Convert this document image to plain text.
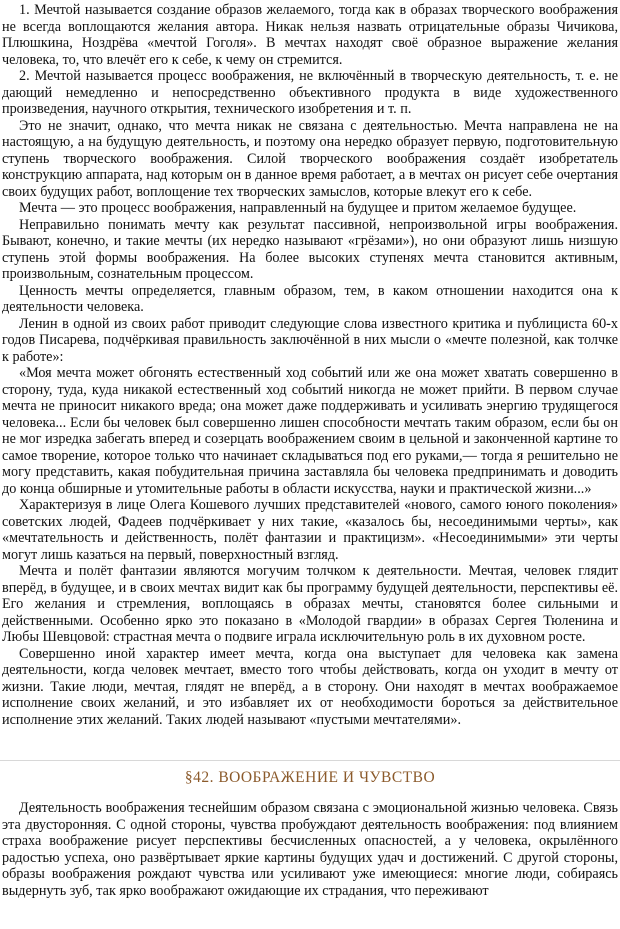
1. Мечтой называется создание образов желаемого, тогда как в образах творческого воображения не всегда воплощаются желания автора. Никак нельзя назвать отрицательные образы Чичикова, Плюшкина, Ноздрёва «мечтой Гоголя». В мечтах находят своё образное выражение желания человека, то, что влечёт его к себе, к чему он стремится.

2. Мечтой называется процесс воображения, не включённый в творческую деятельность, т. е. не дающий немедленно и непосредственно объективного продукта в виде художественного произведения, научного открытия, технического изобретения и т. п.

Это не значит, однако, что мечта никак не связана с деятельностью. Мечта направлена не на настоящую, а на будущую деятельность, и поэтому она нередко образует первую, подготовительную ступень творческого воображения. Силой творческого воображения создаёт изобретатель конструкцию аппарата, над которым он в данное время работает, а в мечтах он рисует себе очертания своих будущих работ, воплощение тех творческих замыслов, которые влекут его к себе.

Мечта — это процесс воображения, направленный на будущее и притом желаемое будущее.

Неправильно понимать мечту как результат пассивной, непроизвольной игры воображения. Бывают, конечно, и такие мечты (их нередко называют «грёзами»), но они образуют лишь низшую ступень этой формы воображения. На более высоких ступенях мечта становится активным, произвольным, сознательным процессом.

Ценность мечты определяется, главным образом, тем, в каком отношении находится она к деятельности человека.

Ленин в одной из своих работ приводит следующие слова известного критика и публициста 60-х годов Писарева, подчёркивая правильность заключённой в них мысли о «мечте полезной, как толчке к работе»:

«Моя мечта может обгонять естественный ход событий или же она может хватать совершенно в сторону, туда, куда никакой естественный ход событий никогда не может прийти. В первом случае мечта не приносит никакого вреда; она может даже поддерживать и усиливать энергию трудящегося человека... Если бы человек был совершенно лишен способности мечтать таким образом, если бы он не мог изредка забегать вперед и созерцать воображением своим в цельной и законченной картине то самое творение, которое только что начинает складываться под его руками,— тогда я решительно не могу представить, какая побудительная причина заставляла бы человека предпринимать и доводить до конца обширные и утомительные работы в области искусства, науки и практической жизни...»

Характеризуя в лице Олега Кошевого лучших представителей «нового, самого юного поколения» советских людей, Фадеев подчёркивает у них такие, «казалось бы, несоединимыми черты», как «мечтательность и действенность, полёт фантазии и практицизм». «Несоединимыми» эти черты могут лишь казаться на первый, поверхностный взгляд.

Мечта и полёт фантазии являются могучим толчком к деятельности. Мечтая, человек глядит вперёд, в будущее, и в своих мечтах видит как бы программу будущей деятельности, перспективы её. Его желания и стремления, воплощаясь в образах мечты, становятся более сильными и действенными. Особенно ярко это показано в «Молодой гвардии» в образах Сергея Тюленина и Любы Шевцовой: страстная мечта о подвиге играла исключительную роль в их духовном росте.

Совершенно иной характер имеет мечта, когда она выступает для человека как замена деятельности, когда человек мечтает, вместо того чтобы действовать, когда он уходит в мечту от жизни. Такие люди, мечтая, глядят не вперёд, а в сторону. Они находят в мечтах воображаемое исполнение своих желаний, и это избавляет их от необходимости бороться за действительное исполнение этих желаний. Таких людей называют «пустыми мечтателями».

§42. ВООБРАЖЕНИЕ И ЧУВСТВО

Деятельность воображения теснейшим образом связана с эмоциональной жизнью человека. Связь эта двусторонняя. С одной стороны, чувства пробуждают деятельность воображения: под влиянием страха воображение рисует перспективы бесчисленных опасностей, а у человека, окрылённого радостью успеха, оно развёртывает яркие картины будущих удач и достижений. С другой стороны, образы воображения рождают чувства или усиливают уже имеющиеся: многие люди, собираясь выдернуть зуб, так ярко воображают ожидающие их страдания, что переживают
